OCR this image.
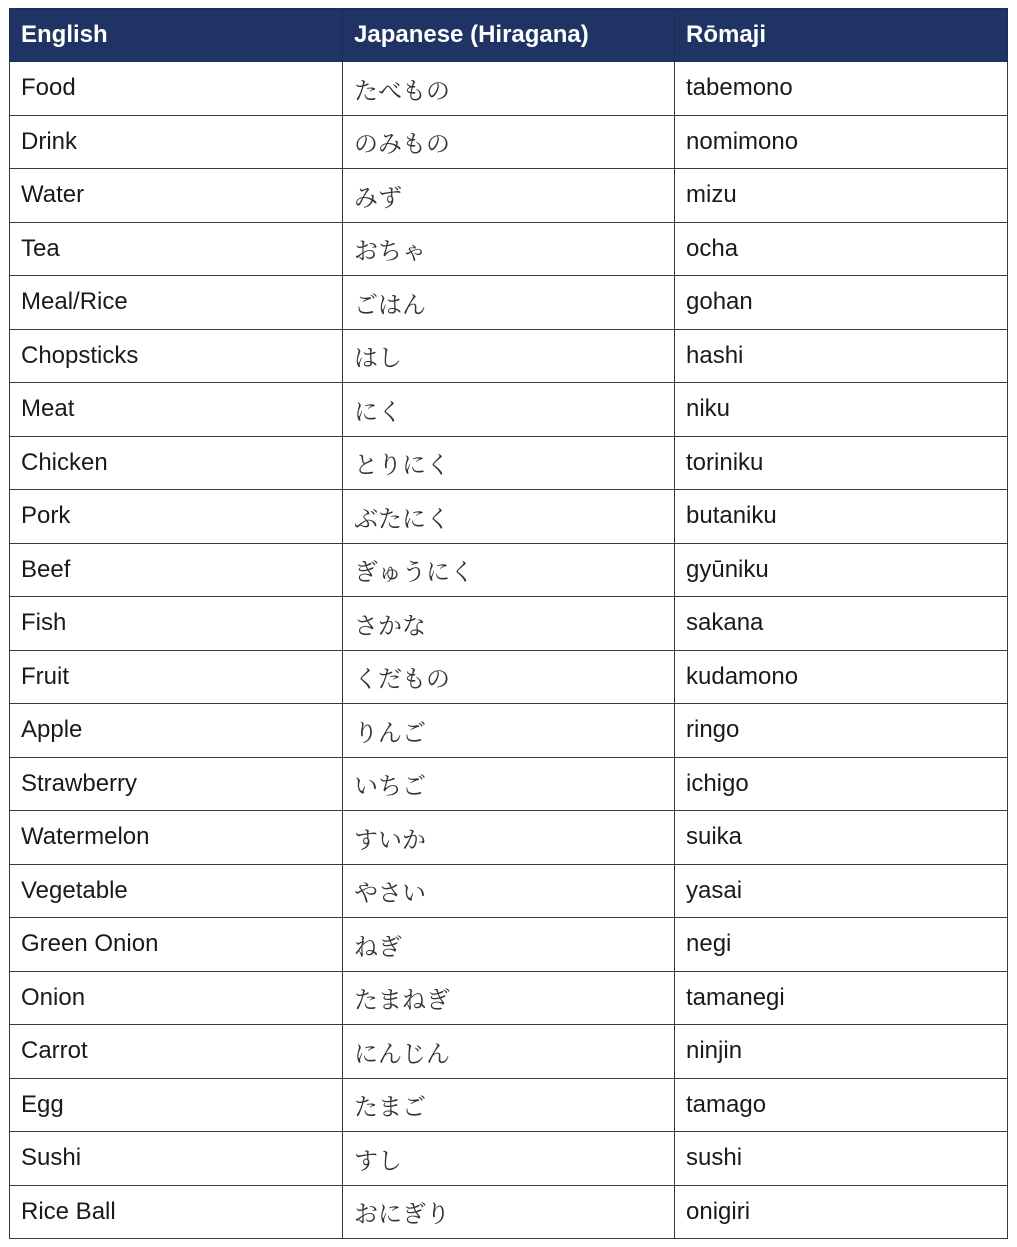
English	Japanese (Hiragana)	Rōmaji
Food	たべもの	tabemono
Drink	のみもの	nomimono
Water	みず	mizu
Tea	おちゃ	ocha
Meal/Rice	ごはん	gohan
Chopsticks	はし	hashi
Meat	にく	niku
Chicken	とりにく	toriniku
Pork	ぶたにく	butaniku
Beef	ぎゅうにく	gyūniku
Fish	さかな	sakana
Fruit	くだもの	kudamono
Apple	りんご	ringo
Strawberry	いちご	ichigo
Watermelon	すいか	suika
Vegetable	やさい	yasai
Green Onion	ねぎ	negi
Onion	たまねぎ	tamanegi
Carrot	にんじん	ninjin
Egg	たまご	tamago
Sushi	すし	sushi
Rice Ball	おにぎり	onigiri
